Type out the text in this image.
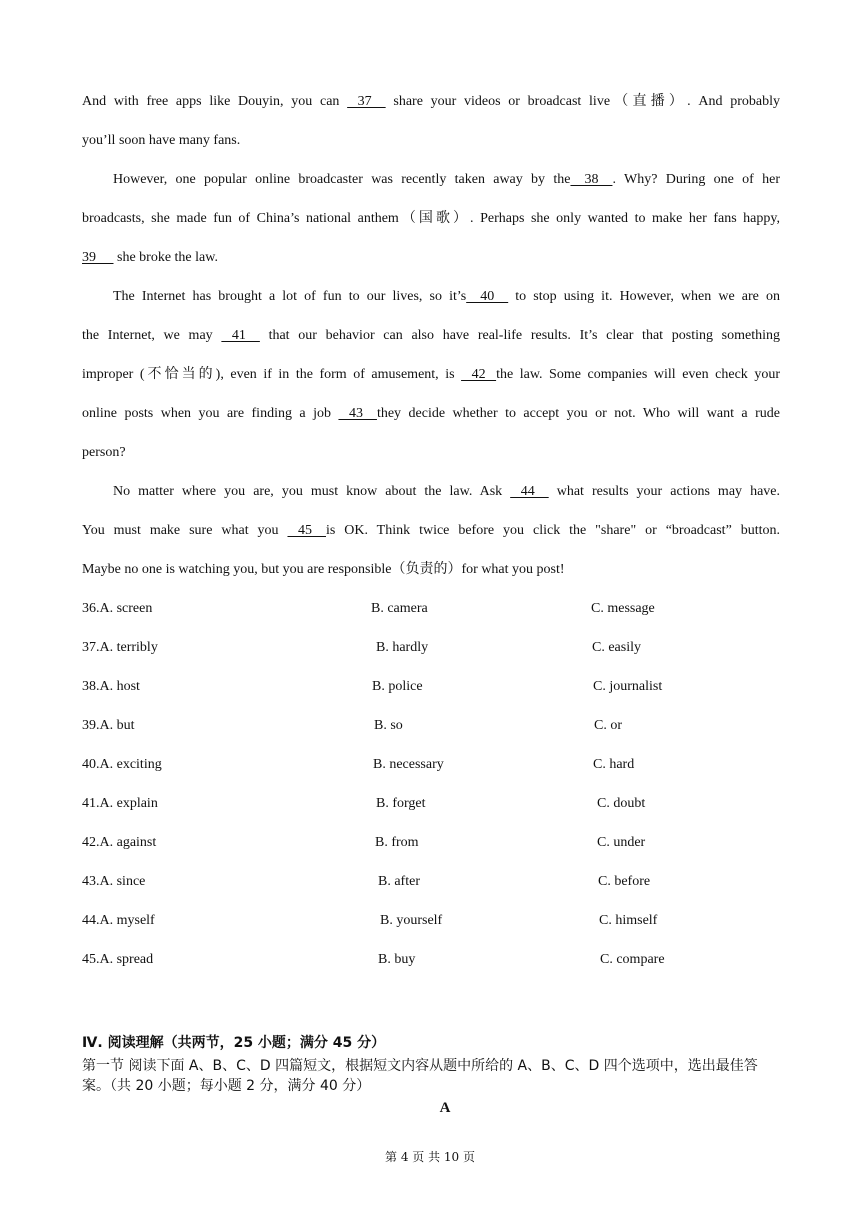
And with free apps like Douyin, you can    37     share your videos or broadcast live（直播）. And probably
you’ll soon have many fans.
However, one popular online broadcaster was recently taken away by the    38    . Why? During one of her
broadcasts, she made fun of China’s national anthem（国歌）. Perhaps she only wanted to make her fans happy,
39      she broke the law.
The Internet has brought a lot of fun to our lives, so it’s    40     to stop using it. However, when we are on
the Internet, we may    41     that our behavior can also have real-life results. It’s clear that posting something
improper (不恰当的), even if in the form of amusement, is    42   the law. Some companies will even check your
online posts when you are finding a job    43    they decide whether to accept you or not. Who will want a rude
person?
No matter where you are, you must know about the law. Ask    44     what results your actions may have.
You must make sure what you    45    is OK. Think twice before you click the "share" or “broadcast” button.
Maybe no one is watching you, but you are responsible（负责的）for what you post!
36.A. screen	B. camera	C. message
37.A. terribly	B. hardly	C. easily
38.A. host	B. police	C. journalist
39.A. but	B. so	C. or
40.A. exciting	B. necessary	C. hard
41.A. explain	B. forget	C. doubt
42.A. against	B. from	C. under
43.A. since	B. after	C. before
44.A. myself	B. yourself	C. himself
45.A. spread	B. buy	C. compare
Ⅳ. 阅读理解（共两节，25 小题；满分 45 分）
第一节 阅读下面 A、B、C、D 四篇短文，根据短文内容从题中所给的 A、B、C、D 四个选项中，选出最佳答案。（共 20 小题；每小题 2 分，满分 40 分）
A
第 4 页 共 10 页
